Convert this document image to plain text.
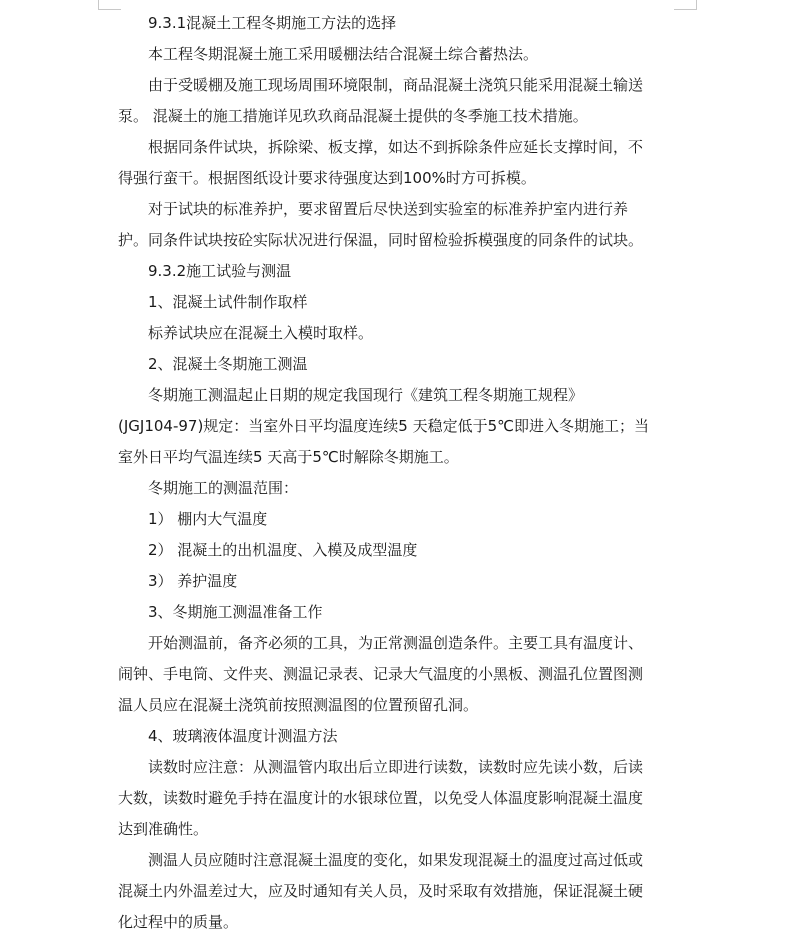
9.3.1混凝土工程冬期施工方法的选择
本工程冬期混凝土施工采用暖棚法结合混凝土综合蓄热法。
由于受暖棚及施工现场周围环境限制，商品混凝土浇筑只能采用混凝土输送
泵。 混凝土的施工措施详见玖玖商品混凝土提供的冬季施工技术措施。
根据同条件试块，拆除梁、板支撑，如达不到拆除条件应延长支撑时间，不
得强行蛮干。根据图纸设计要求待强度达到100%时方可拆模。
对于试块的标准养护，要求留置后尽快送到实验室的标准养护室内进行养
护。同条件试块按砼实际状况进行保温，同时留检验拆模强度的同条件的试块。
9.3.2施工试验与测温
1、混凝土试件制作取样
标养试块应在混凝土入模时取样。
2、混凝土冬期施工测温
冬期施工测温起止日期的规定我国现行《建筑工程冬期施工规程》
(JGJ104-97)规定：当室外日平均温度连续5 天稳定低于5℃即进入冬期施工；当
室外日平均气温连续5 天高于5℃时解除冬期施工。
冬期施工的测温范围：
1） 棚内大气温度
2） 混凝土的出机温度、入模及成型温度
3） 养护温度
3、冬期施工测温准备工作
开始测温前，备齐必须的工具，为正常测温创造条件。主要工具有温度计、
闹钟、手电筒、文件夹、测温记录表、记录大气温度的小黑板、测温孔位置图测
温人员应在混凝土浇筑前按照测温图的位置预留孔洞。
4、玻璃液体温度计测温方法
读数时应注意：从测温管内取出后立即进行读数，读数时应先读小数，后读
大数，读数时避免手持在温度计的水银球位置，以免受人体温度影响混凝土温度
达到准确性。
测温人员应随时注意混凝土温度的变化，如果发现混凝土的温度过高过低或
混凝土内外温差过大，应及时通知有关人员，及时采取有效措施，保证混凝土硬
化过程中的质量。
